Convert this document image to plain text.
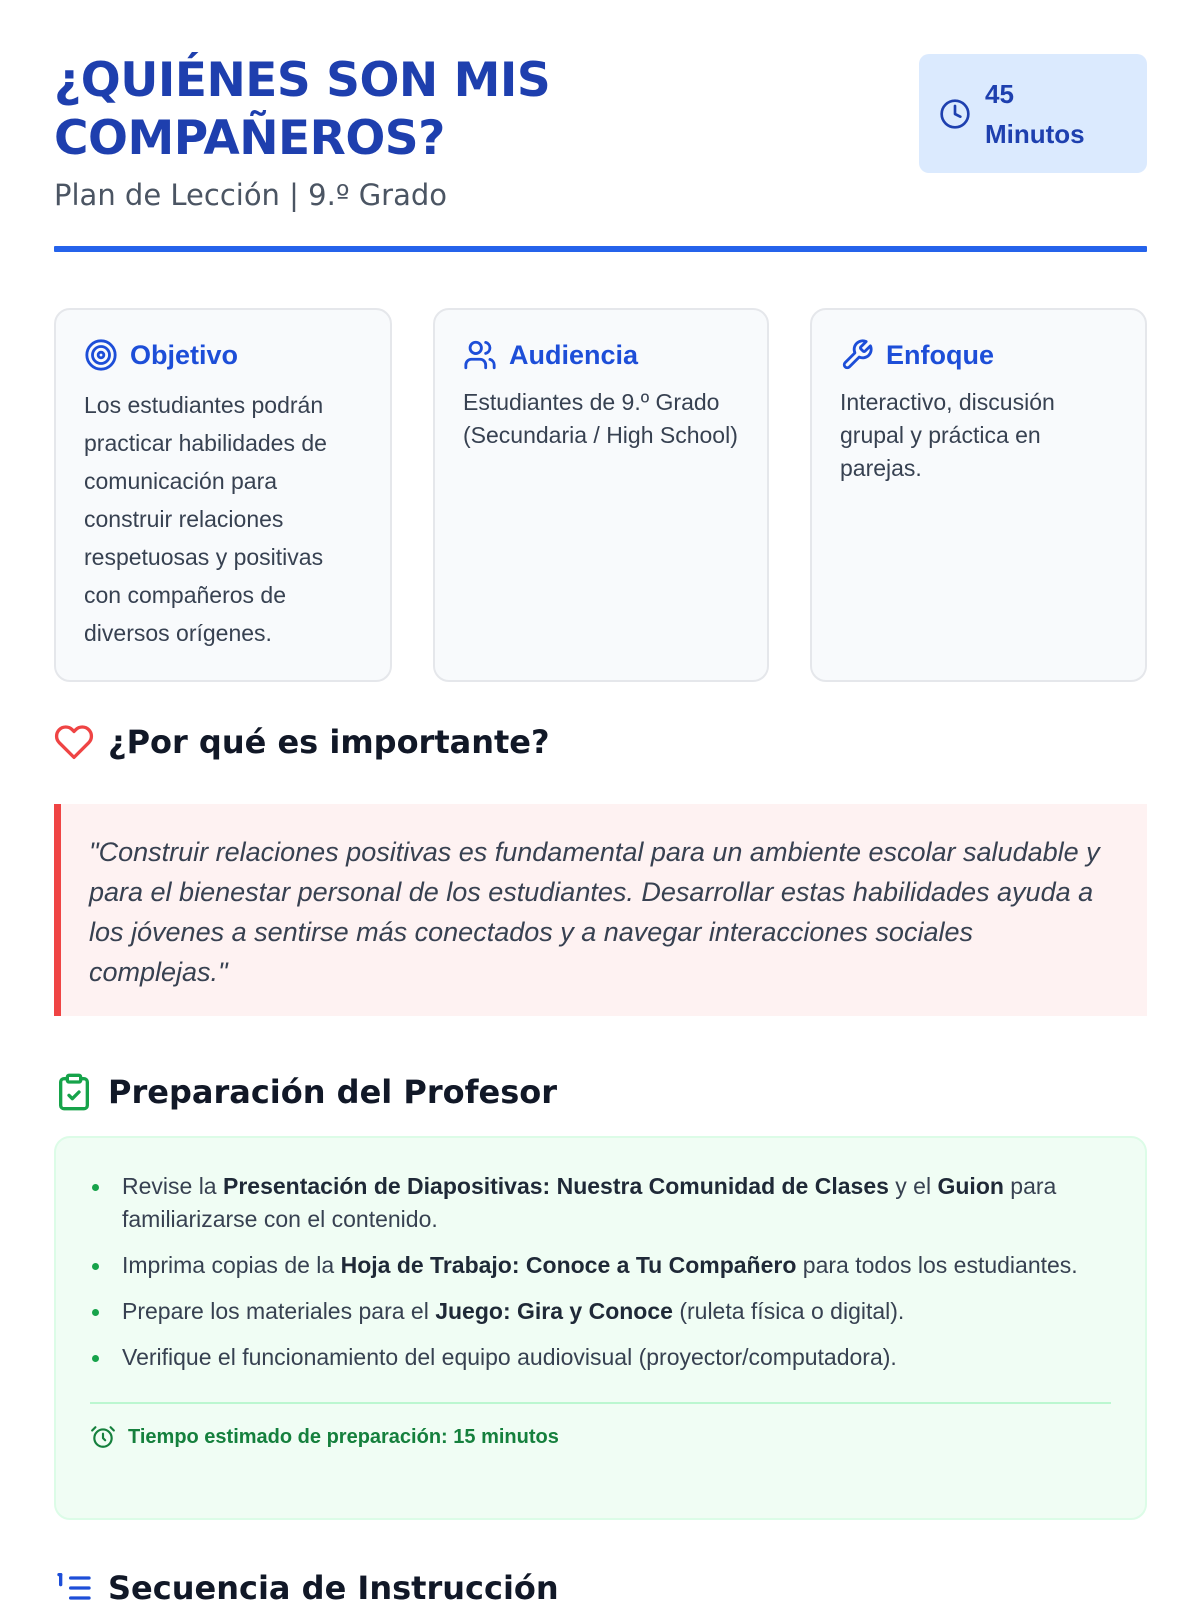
¿QUIÉNES SON MIS COMPAÑEROS?
Plan de Lección | 9.º Grado
45
Minutos
Objetivo

Los estudiantes podrán practicar habilidades de comunicación para construir relaciones respetuosas y positivas con compañeros de diversos orígenes.

Audiencia

Estudiantes de 9.º Grado (Secundaria / High School)

Enfoque

Interactivo, discusión grupal y práctica en parejas.

¿Por qué es importante?

"Construir relaciones positivas es fundamental para un ambiente escolar saludable y para el bienestar personal de los estudiantes. Desarrollar estas habilidades ayuda a los jóvenes a sentirse más conectados y a navegar interacciones sociales complejas."

Preparación del Profesor
Revise la Presentación de Diapositivas: Nuestra Comunidad de Clases y el Guion para familiarizarse con el contenido.
Imprima copias de la Hoja de Trabajo: Conoce a Tu Compañero para todos los estudiantes.
Prepare los materiales para el Juego: Gira y Conoce (ruleta física o digital).
Verifique el funcionamiento del equipo audiovisual (proyector/computadora).
Tiempo estimado de preparación: 15 minutos
Secuencia de Instrucción
